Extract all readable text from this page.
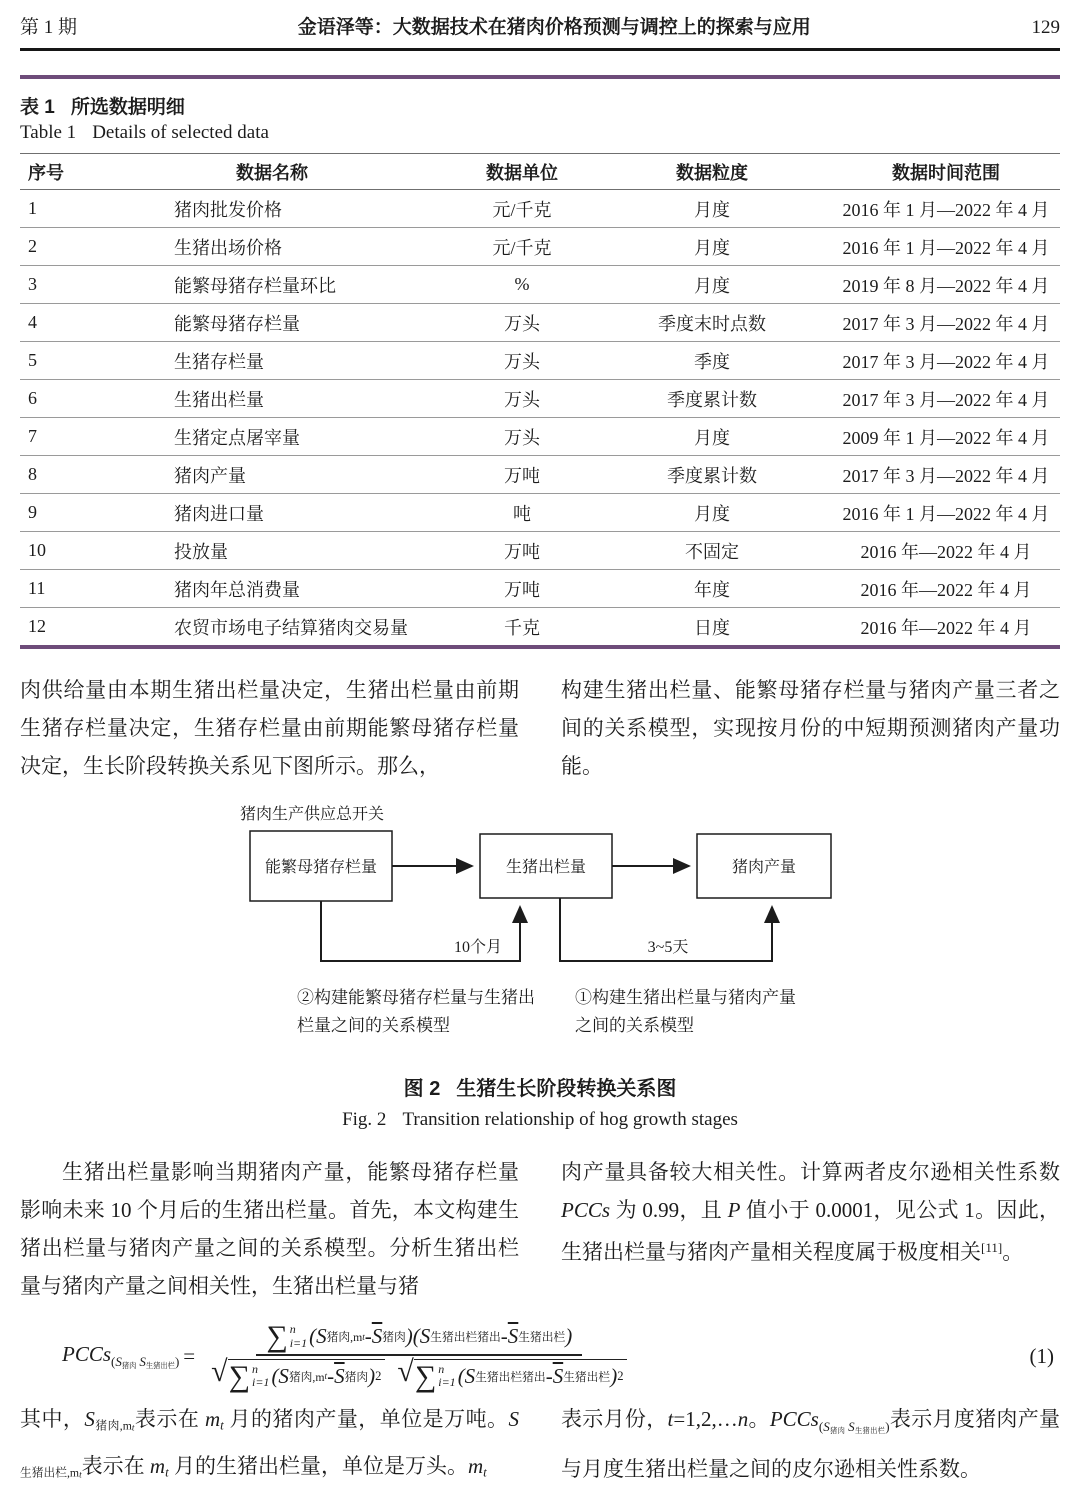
第 1 期	金语泽等：大数据技术在猪肉价格预测与调控上的探索与应用	129
表 1 所选数据明细
Table 1 Details of selected data
序号	数据名称	数据单位	数据粒度	数据时间范围
1	猪肉批发价格	元/千克	月度	2016 年 1 月—2022 年 4 月
2	生猪出场价格	元/千克	月度	2016 年 1 月—2022 年 4 月
3	能繁母猪存栏量环比	%	月度	2019 年 8 月—2022 年 4 月
4	能繁母猪存栏量	万头	季度末时点数	2017 年 3 月—2022 年 4 月
5	生猪存栏量	万头	季度	2017 年 3 月—2022 年 4 月
6	生猪出栏量	万头	季度累计数	2017 年 3 月—2022 年 4 月
7	生猪定点屠宰量	万头	月度	2009 年 1 月—2022 年 4 月
8	猪肉产量	万吨	季度累计数	2017 年 3 月—2022 年 4 月
9	猪肉进口量	吨	月度	2016 年 1 月—2022 年 4 月
10	投放量	万吨	不固定	2016 年—2022 年 4 月
11	猪肉年总消费量	万吨	年度	2016 年—2022 年 4 月
12	农贸市场电子结算猪肉交易量	千克	日度	2016 年—2022 年 4 月

肉供给量由本期生猪出栏量决定，生猪出栏量由前期生猪存栏量决定，生猪存栏量由前期能繁母猪存栏量决定，生长阶段转换关系见下图所示。那么，

构建生猪出栏量、能繁母猪存栏量与猪肉产量三者之间的关系模型，实现按月份的中短期预测猪肉产量功能。

猪肉生产供应总开关
能繁母猪存栏量	生猪出栏量	猪肉产量
10个月	3~5天
②构建能繁母猪存栏量与生猪出
栏量之间的关系模型
①构建生猪出栏量与猪肉产量
之间的关系模型
图 2 生猪生长阶段转换关系图
Fig. 2 Transition relationship of hog growth stages

生猪出栏量影响当期猪肉产量，能繁母猪存栏量影响未来 10 个月后的生猪出栏量。首先，本文构建生猪出栏量与猪肉产量之间的关系模型。分析生猪出栏量与猪肉产量之间相关性，生猪出栏量与猪

肉产量具备较大相关性。计算两者皮尔逊相关性系数 PCCs 为 0.99，且 P 值小于 0.0001，见公式 1。因此，生猪出栏量与猪肉产量相关程度属于极度相关[11]。

PCCs$_{(S猪肉 S生猪出栏)}$ = ∑ n
i=1 (S 猪肉,m t - $\overline{S}$ 猪肉 ) (S 生猪出栏猪出 - $\overline{S}$ 生猪出栏 )
√ ∑ n
i=1 (S 猪肉,m t - $\overline{S}$ 猪肉 ) 2 √ ∑ n
i=1 (S 生猪出栏猪出 - $\overline{S}$ 生猪出栏 ) 2	(1)

其中，S猪肉$,m_t$表示在 mt 月的猪肉产量，单位是万吨。S生猪出栏$,m_t$表示在 mt 月的生猪出栏量，单位是万头。mt

表示月份，t=1,2,…n。PCCs$_{(S猪肉 S生猪出栏)}$表示月度猪肉产量与月度生猪出栏量之间的皮尔逊相关性系数。
